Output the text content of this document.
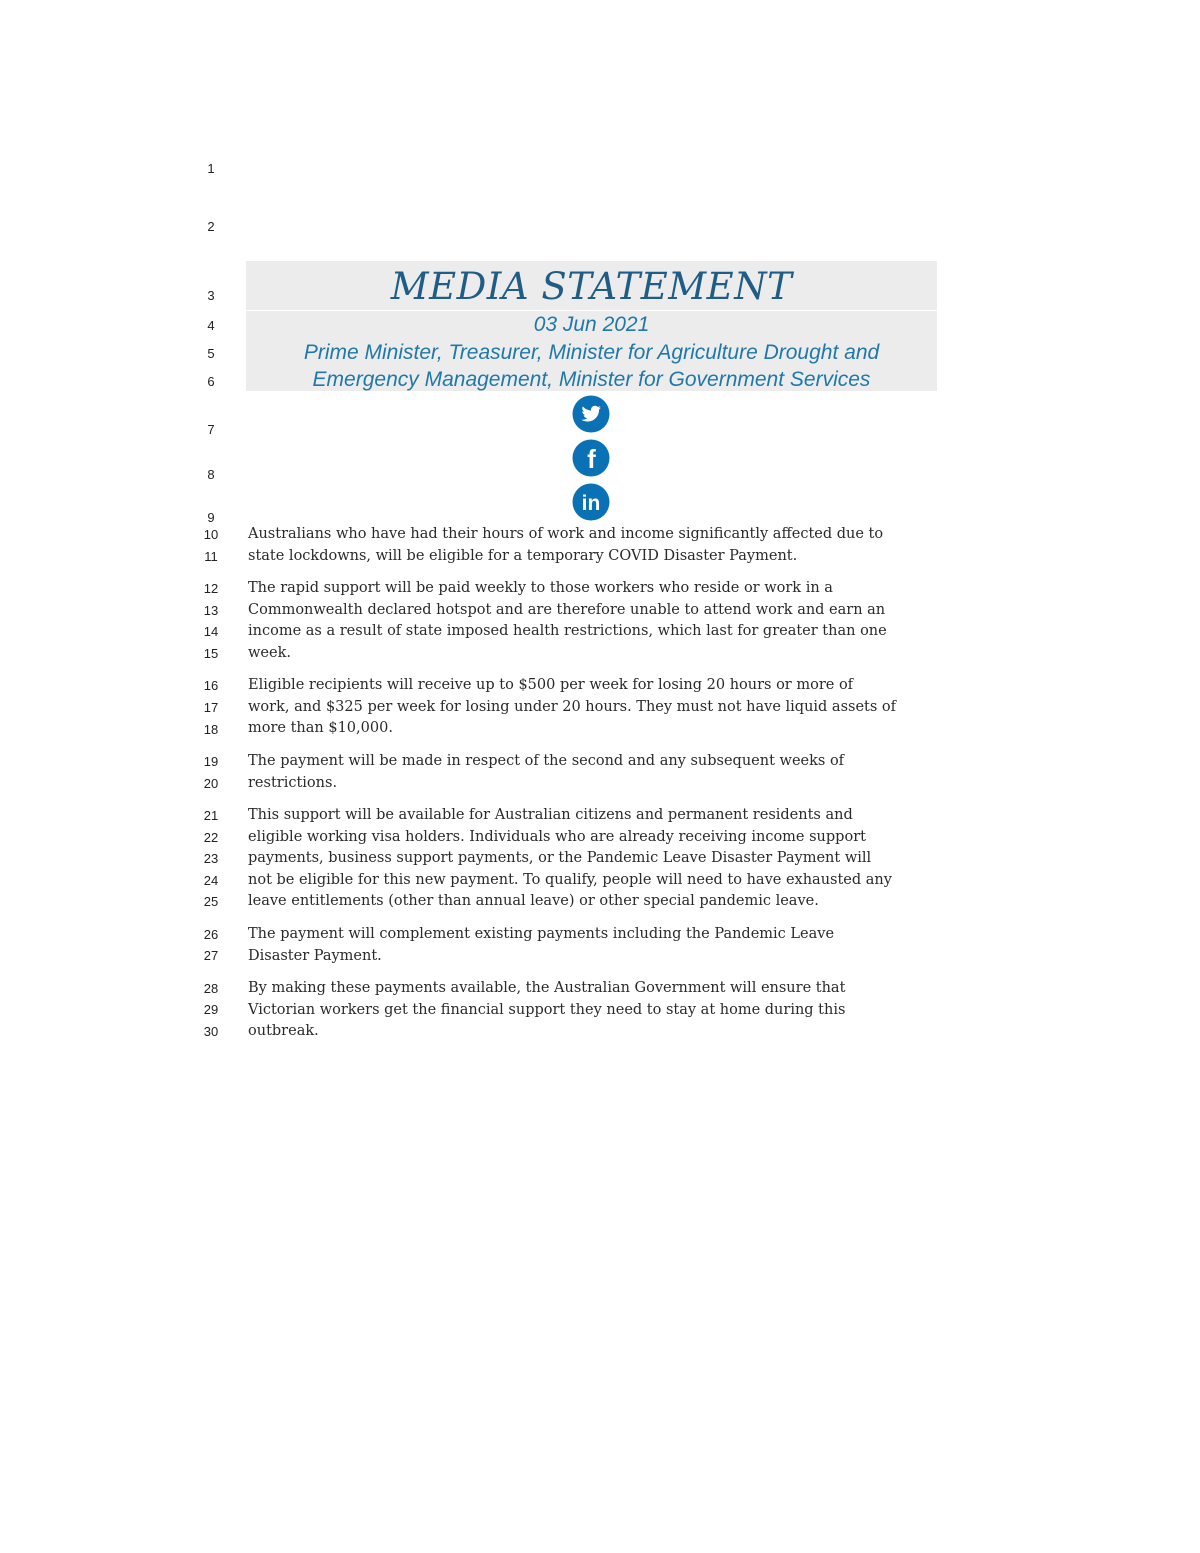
1
2
3
4
5
6
7
8
9
10
11
12
13
14
15
16
17
18
19
20
21
22
23
24
25
26
27
28
29
30
MEDIA STATEMENT
03 Jun 2021
Prime Minister, Treasurer, Minister for Agriculture Drought and
Emergency Management, Minister for Government Services
f
in
Australians who have had their hours of work and income significantly affected due to
state lockdowns, will be eligible for a temporary COVID Disaster Payment.
The rapid support will be paid weekly to those workers who reside or work in a
Commonwealth declared hotspot and are therefore unable to attend work and earn an
income as a result of state imposed health restrictions, which last for greater than one
week.
Eligible recipients will receive up to $500 per week for losing 20 hours or more of
work, and $325 per week for losing under 20 hours. They must not have liquid assets of
more than $10,000.
The payment will be made in respect of the second and any subsequent weeks of
restrictions.
This support will be available for Australian citizens and permanent residents and
eligible working visa holders. Individuals who are already receiving income support
payments, business support payments, or the Pandemic Leave Disaster Payment will
not be eligible for this new payment. To qualify, people will need to have exhausted any
leave entitlements (other than annual leave) or other special pandemic leave.
The payment will complement existing payments including the Pandemic Leave
Disaster Payment.
By making these payments available, the Australian Government will ensure that
Victorian workers get the financial support they need to stay at home during this
outbreak.
